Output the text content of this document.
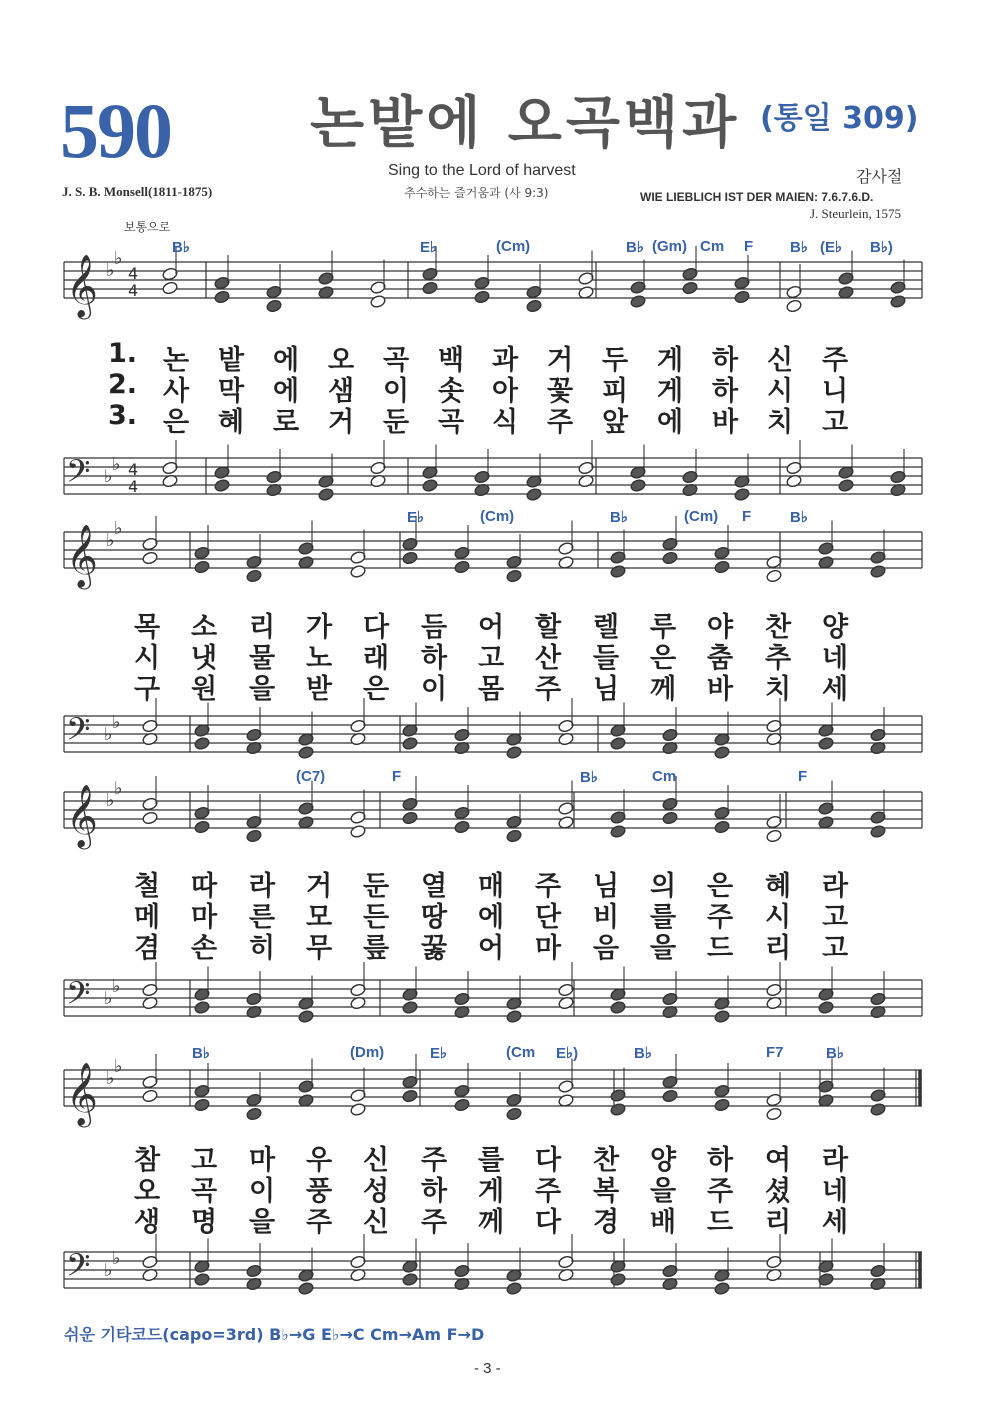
590 논밭에 오곡백과 (통일 309)
Sing to the Lord of harvest
추수하는 즐거움과 (사 9:3)
J. S. B. Monsell(1811-1875)
감사절
WIE LIEBLICH IST DER MAIEN: 7.6.7.6.D.
J. Steurlein, 1575
보통으로
𝄞
𝄢
♭
♭
♭
♭
4
4
4
4
𝄞
𝄢
♭
♭
♭
♭
𝄞
𝄢
♭
♭
♭
♭
𝄞
𝄢
♭
♭
♭
♭
B♭	E♭	(Cm)	B♭ (Gm) Cm F B♭ (E♭ B♭)
1. 논 밭 에 오 곡 백 과 거 두 게 하 신 주
2. 사 막 에 샘 이 솟 아 꽃 피 게 하 시 니
3. 은 혜 로 거 둔 곡 식 주 앞 에 바 치 고
E♭	(Cm)	B♭	(Cm) F	B♭
목 소 리 가 다 듬 어 할 렐 루 야 찬 양
시 냇 물 노 래 하 고 산 들 은 춤 추 네
구 원 을 받 은 이 몸 주 님 께 바 치 세
(C7)	F	B♭	Cm	F
철 따 라 거 둔 열 매 주 님 의 은 혜 라
메 마 른 모 든 땅 에 단 비 를 주 시 고
겸 손 히 무 릎 꿇 어 마 음 을 드 리 고
B♭	(Dm)	E♭	(Cm E♭)	B♭	F7	B♭
참 고 마 우 신 주 를 다 찬 양 하 여 라
오 곡 이 풍 성 하 게 주 복 을 주 셨 네
생 명 을 주 신 주 께 다 경 배 드 리 세
쉬운 기타코드(capo=3rd) B♭→G E♭→C Cm→Am F→D
- 3 -
